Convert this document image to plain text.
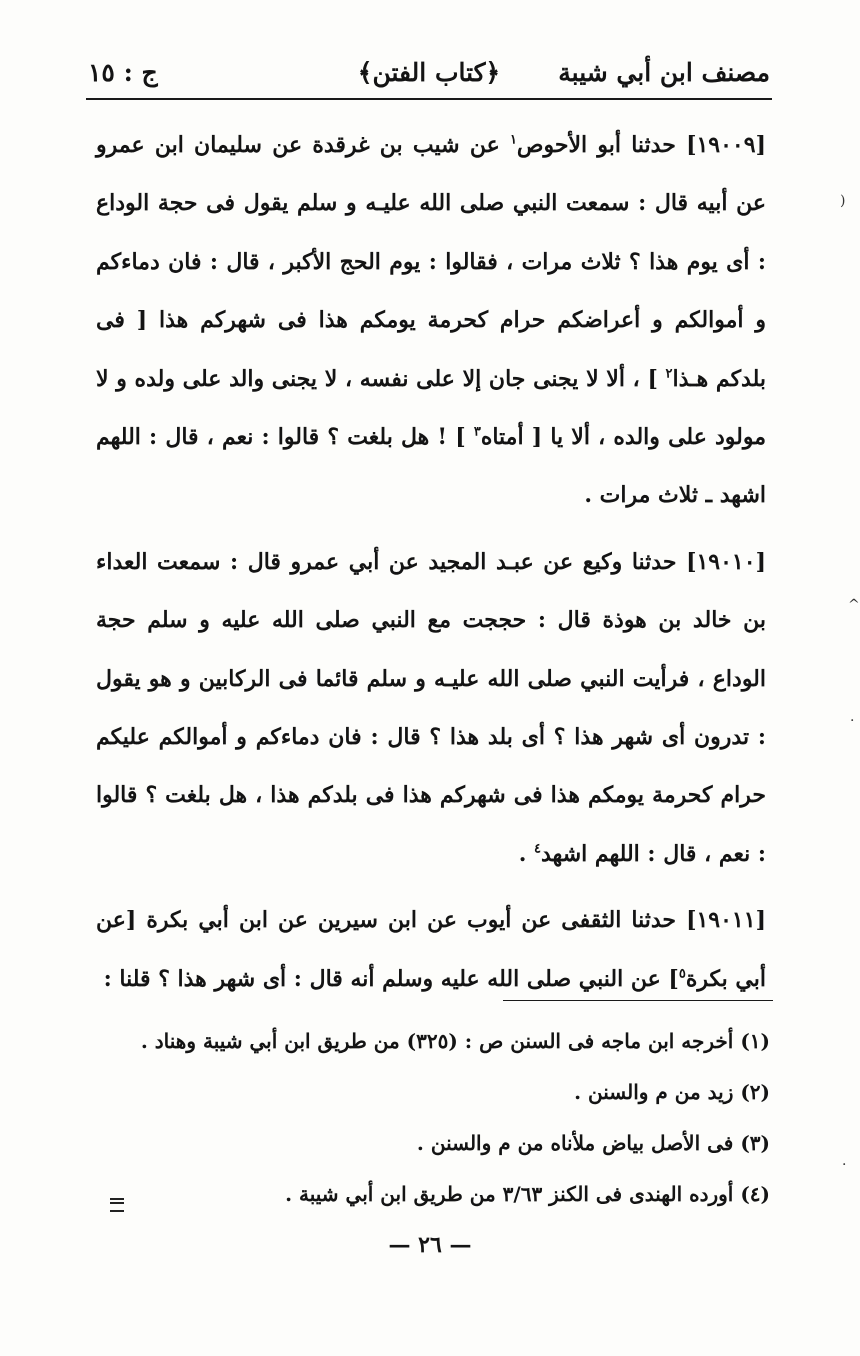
مصنف ابن أبي شيبة
﴿كتاب الفتن﴾
ج : ١٥

[١٩٠٠٩] حدثنا أبو الأحوص$^١$ عن شيب بن غرقدة عن سليمان ابن عمرو عن أبيه قال : سمعت النبي صلى الله عليـه و سلم يقول فى حجة الوداع : أى يوم هذا ؟ ثلاث مرات ، فقالوا : يوم الحج الأكبر ، قال : فان دماءكم و أموالكم و أعراضكم حرام كحرمة يومكم هذا فى شهركم هذا [ فى بلدكم هـذا$^٢$ ] ، ألا لا يجنى جان إلا على نفسه ، لا يجنى والد على ولده و لا مولود على والده ، ألا يا [ أمتاه$^٣$ ] ! هل بلغت ؟ قالوا : نعم ، قال : اللهم اشهد ـ ثلاث مرات .

[١٩٠١٠] حدثنا وكيع عن عبـد المجيد عن أبي عمرو قال : سمعت العداء بن خالد بن هوذة قال : حججت مع النبي صلى الله عليه و سلم حجة الوداع ، فرأيت النبي صلى الله عليـه و سلم قائما فى الركابين و هو يقول : تدرون أى شهر هذا ؟ أى بلد هذا ؟ قال : فان دماءكم و أموالكم عليكم حرام كحرمة يومكم هذا فى شهركم هذا فى بلدكم هذا ، هل بلغت ؟ قالوا : نعم ، قال : اللهم اشهد$^٤$ .

[١٩٠١١] حدثنا الثقفى عن أيوب عن ابن سيرين عن ابن أبي بكرة [عن أبي بكرة$^٥$] عن النبي صلى الله عليه وسلم أنه قال : أى شهر هذا ؟ قلنا :

(١) أخرجه ابن ماجه فى السنن ص : (٣٢٥) من طريق ابن أبي شيبة وهناد .

(٢) زيد من م والسنن .

(٣) فى الأصل بياض ملأناه من م والسنن .

(٤) أورده الهندى فى الكنز ٣/٦٣ من طريق ابن أبي شيبة .

— ٢٦ —
)
^
·
·
